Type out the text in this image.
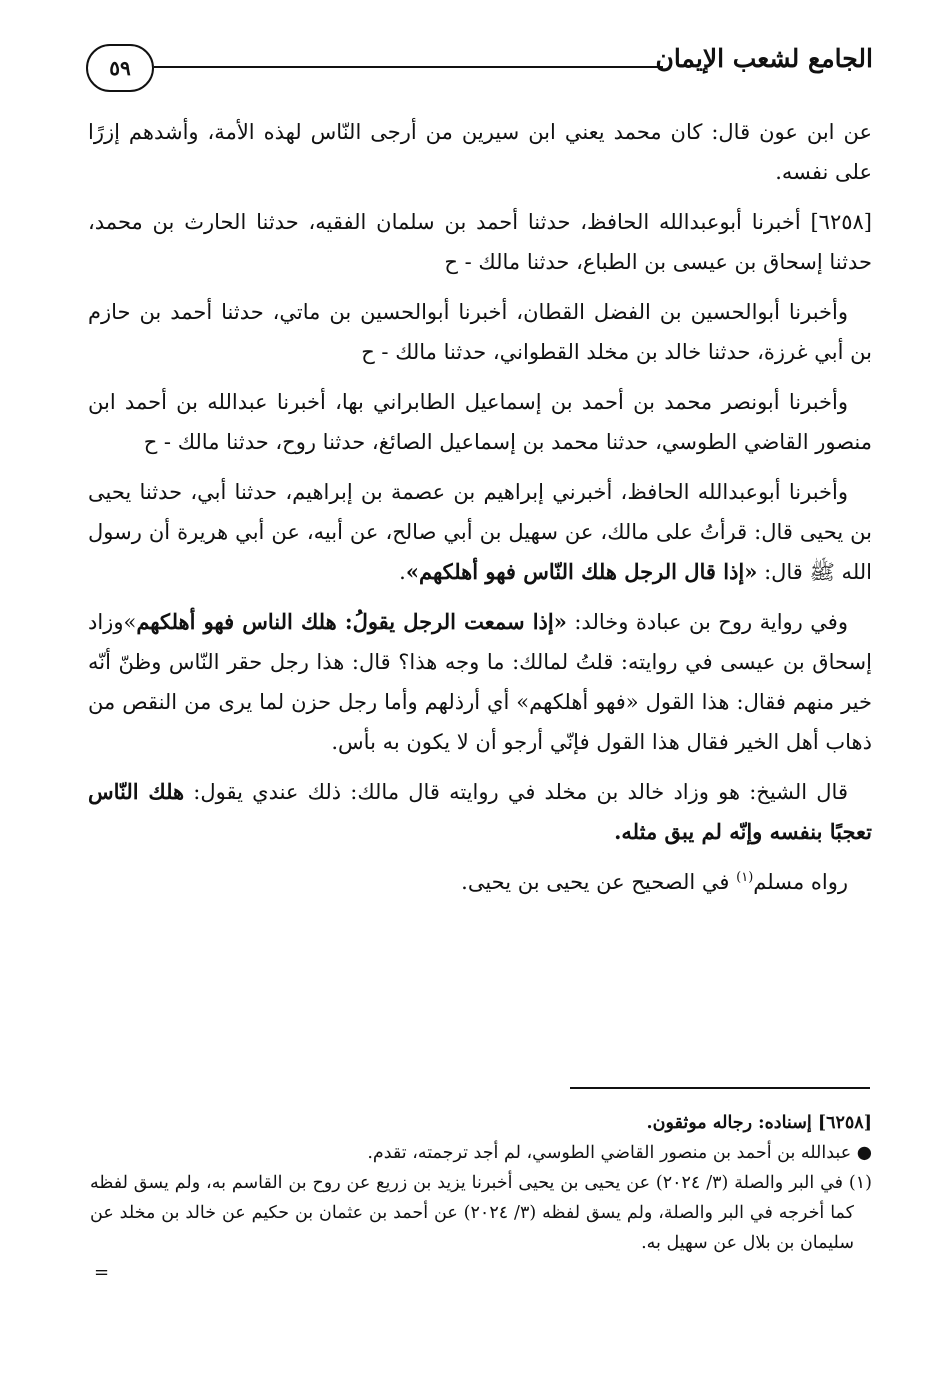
الجامع لشعب الإيمان
٥٩

عن ابن عون قال: كان محمد يعني ابن سيرين من أرجى النّاس لهذه الأمة، وأشدهم إزرًا على نفسه.

[٦٢٥٨] أخبرنا أبوعبدالله الحافظ، حدثنا أحمد بن سلمان الفقيه، حدثنا الحارث بن محمد، حدثنا إسحاق بن عيسى بن الطباع، حدثنا مالك - ح

وأخبرنا أبوالحسين بن الفضل القطان، أخبرنا أبوالحسين بن ماتي، حدثنا أحمد بن حازم بن أبي غرزة، حدثنا خالد بن مخلد القطواني، حدثنا مالك - ح

وأخبرنا أبونصر محمد بن أحمد بن إسماعيل الطابراني بها، أخبرنا عبدالله بن أحمد ابن منصور القاضي الطوسي، حدثنا محمد بن إسماعيل الصائغ، حدثنا روح، حدثنا مالك - ح

وأخبرنا أبوعبدالله الحافظ، أخبرني إبراهيم بن عصمة بن إبراهيم، حدثنا أبي، حدثنا يحيى بن يحيى قال: قرأتُ على مالك، عن سهيل بن أبي صالح، عن أبيه، عن أبي هريرة أن رسول الله ﷺ قال: «إذا قال الرجل هلك النّاس فهو أهلكهم».

وفي رواية روح بن عبادة وخالد: «إذا سمعت الرجل يقولُ: هلك الناس فهو أهلكهم»وزاد إسحاق بن عيسى في روايته: قلتُ لمالك: ما وجه هذا؟ قال: هذا رجل حقر النّاس وظنّ أنّه خير منهم فقال: هذا القول «فهو أهلكهم» أي أرذلهم وأما رجل حزن لما يرى من النقص من ذهاب أهل الخير فقال هذا القول فإنّي أرجو أن لا يكون به بأس.

قال الشيخ: هو وزاد خالد بن مخلد في روايته قال مالك: ذلك عندي يقول: هلك النّاس تعجبًا بنفسه وإنّه لم يبق مثله.

رواه مسلم$^{(١)}$ في الصحيح عن يحيى بن يحيى.

[٦٢٥٨] إسناده: رجاله موثقون.

● عبدالله بن أحمد بن منصور القاضي الطوسي، لم أجد ترجمته، تقدم.

(١) في البر والصلة (٣/ ٢٠٢٤) عن يحيى بن يحيى أخبرنا يزيد بن زريع عن روح بن القاسم به، ولم يسق لفظه كما أخرجه في البر والصلة، ولم يسق لفظه (٣/ ٢٠٢٤) عن أحمد بن عثمان بن حكيم عن خالد بن مخلد عن سليمان بن بلال عن سهيل به.

=
